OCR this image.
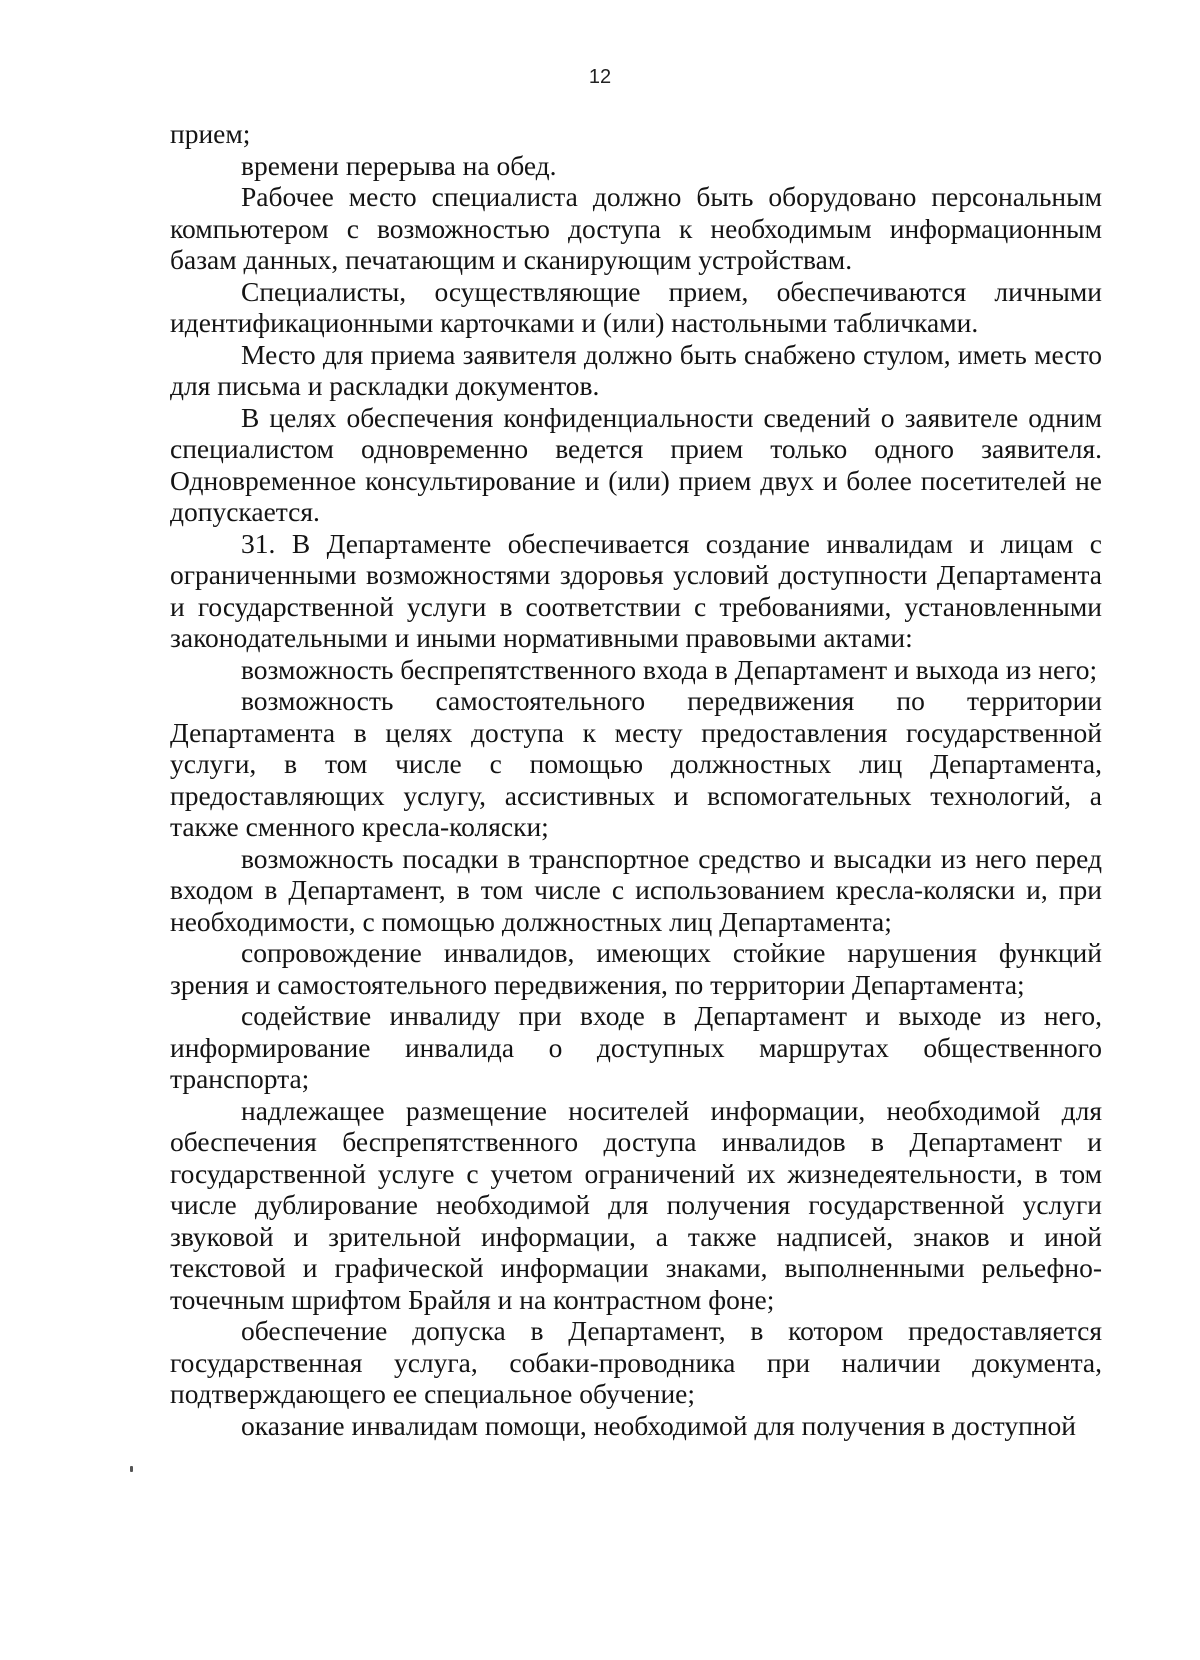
12

прием;

времени перерыва на обед.

Рабочее место специалиста должно быть оборудовано персональным компьютером с возможностью доступа к необходимым информационным базам данных, печатающим и сканирующим устройствам.

Специалисты, осуществляющие прием, обеспечиваются личными идентификационными карточками и (или) настольными табличками.

Место для приема заявителя должно быть снабжено стулом, иметь место для письма и раскладки документов.

В целях обеспечения конфиденциальности сведений о заявителе одним специалистом одновременно ведется прием только одного заявителя. Одновременное консультирование и (или) прием двух и более посетителей не допускается.

31. В Департаменте обеспечивается создание инвалидам и лицам с ограниченными возможностями здоровья условий доступности Департамента и государственной услуги в соответствии с требованиями, установленными законодательными и иными нормативными правовыми актами:

возможность беспрепятственного входа в Департамент и выхода из него;

возможность самостоятельного передвижения по территории Департамента в целях доступа к месту предоставления государственной услуги, в том числе с помощью должностных лиц Департамента, предоставляющих услугу, ассистивных и вспомогательных технологий, а также сменного кресла-коляски;

возможность посадки в транспортное средство и высадки из него перед входом в Департамент, в том числе с использованием кресла-коляски и, при необходимости, с помощью должностных лиц Департамента;

сопровождение инвалидов, имеющих стойкие нарушения функций зрения и самостоятельного передвижения, по территории Департамента;

содействие инвалиду при входе в Департамент и выходе из него, информирование инвалида о доступных маршрутах общественного транспорта;

надлежащее размещение носителей информации, необходимой для обеспечения беспрепятственного доступа инвалидов в Департамент и государственной услуге с учетом ограничений их жизнедеятельности, в том числе дублирование необходимой для получения государственной услуги звуковой и зрительной информации, а также надписей, знаков и иной текстовой и графической информации знаками, выполненными рельефно-точечным шрифтом Брайля и на контрастном фоне;

обеспечение допуска в Департамент, в котором предоставляется государственная услуга, собаки-проводника при наличии документа, подтверждающего ее специальное обучение;

оказание инвалидам помощи, необходимой для получения в доступной
